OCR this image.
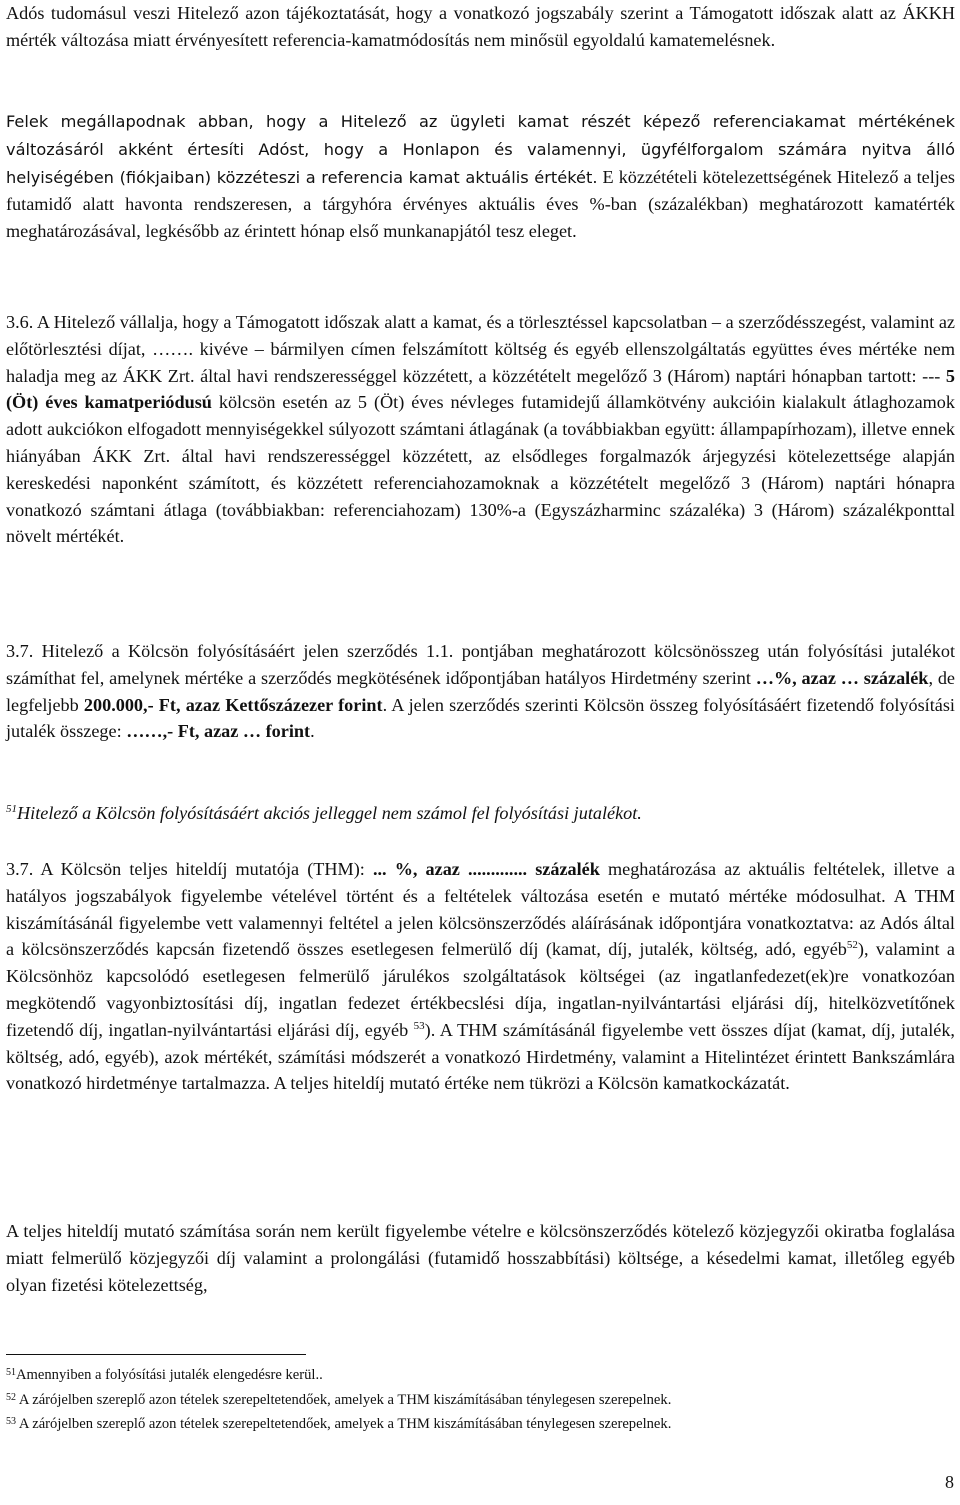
Adós tudomásul veszi Hitelező azon tájékoztatását, hogy a vonatkozó jogszabály szerint a Támogatott időszak alatt az ÁKKH mérték változása miatt érvényesített referencia-kamatmódosítás nem minősül egyoldalú kamatemelésnek.

Felek megállapodnak abban, hogy a Hitelező az ügyleti kamat részét képező referenciakamat mértékének változásáról akként értesíti Adóst, hogy a Honlapon és valamennyi, ügyfélforgalom számára nyitva álló helyiségében (fiókjaiban) közzéteszi a referencia kamat aktuális értékét. E közzétételi kötelezettségének Hitelező a teljes futamidő alatt havonta rendszeresen, a tárgyhóra érvényes aktuális éves %-ban (százalékban) meghatározott kamatérték meghatározásával, legkésőbb az érintett hónap első munkanapjától tesz eleget.

3.6. A Hitelező vállalja, hogy a Támogatott időszak alatt a kamat, és a törlesztéssel kapcsolatban – a szerződésszegést, valamint az előtörlesztési díjat, ……. kivéve – bármilyen címen felszámított költség és egyéb ellenszolgáltatás együttes éves mértéke nem haladja meg az ÁKK Zrt. által havi rendszerességgel közzétett, a közzétételt megelőző 3 (Három) naptári hónapban tartott: --- 5 (Öt) éves kamatperiódusú kölcsön esetén az 5 (Öt) éves névleges futamidejű államkötvény aukcióin kialakult átlaghozamok adott aukciókon elfogadott mennyiségekkel súlyozott számtani átlagának (a továbbiakban együtt: állampapírhozam), illetve ennek hiányában ÁKK Zrt. által havi rendszerességgel közzétett, az elsődleges forgalmazók árjegyzési kötelezettsége alapján kereskedési naponként számított, és közzétett referenciahozamoknak a közzétételt megelőző 3 (Három) naptári hónapra vonatkozó számtani átlaga (továbbiakban: referenciahozam) 130%-a (Egyszázharminc százaléka) 3 (Három) százalékponttal növelt mértékét.

3.7. Hitelező a Kölcsön folyósításáért jelen szerződés 1.1. pontjában meghatározott kölcsönösszeg után folyósítási jutalékot számíthat fel, amelynek mértéke a szerződés megkötésének időpontjában hatályos Hirdetmény szerint …%, azaz … százalék, de legfeljebb 200.000,- Ft, azaz Kettőszázezer forint. A jelen szerződés szerinti Kölcsön összeg folyósításáért fizetendő folyósítási jutalék összege: ……,- Ft, azaz … forint.

$^{51}$Hitelező a Kölcsön folyósításáért akciós jelleggel nem számol fel folyósítási jutalékot.

3.7. A Kölcsön teljes hiteldíj mutatója (THM): ... %, azaz ............. százalék meghatározása az aktuális feltételek, illetve a hatályos jogszabályok figyelembe vételével történt és a feltételek változása esetén e mutató mértéke módosulhat. A THM kiszámításánál figyelembe vett valamennyi feltétel a jelen kölcsönszerződés aláírásának időpontjára vonatkoztatva: az Adós által a kölcsönszerződés kapcsán fizetendő összes esetlegesen felmerülő díj (kamat, díj, jutalék, költség, adó, egyéb$^{52}$), valamint a Kölcsönhöz kapcsolódó esetlegesen felmerülő járulékos szolgáltatások költségei (az ingatlanfedezet(ek)re vonatkozóan megkötendő vagyonbiztosítási díj, ingatlan fedezet értékbecslési díja, ingatlan-nyilvántartási eljárási díj, hitelközvetítőnek fizetendő díj, ingatlan-nyilvántartási eljárási díj, egyéb $^{53}$). A THM számításánál figyelembe vett összes díjat (kamat, díj, jutalék, költség, adó, egyéb), azok mértékét, számítási módszerét a vonatkozó Hirdetmény, valamint a Hitelintézet érintett Bankszámlára vonatkozó hirdetménye tartalmazza. A teljes hiteldíj mutató értéke nem tükrözi a Kölcsön kamatkockázatát.

A teljes hiteldíj mutató számítása során nem került figyelembe vételre e kölcsönszerződés kötelező közjegyzői okiratba foglalása miatt felmerülő közjegyzői díj valamint a prolongálási (futamidő hosszabbítási) költsége, a késedelmi kamat, illetőleg egyéb olyan fizetési kötelezettség,

$^{51}$Amennyiben a folyósítási jutalék elengedésre kerül..

$^{52}$ A zárójelben szereplő azon tételek szerepeltetendőek, amelyek a THM kiszámításában ténylegesen szerepelnek.

$^{53}$ A zárójelben szereplő azon tételek szerepeltetendőek, amelyek a THM kiszámításában ténylegesen szerepelnek.

8
